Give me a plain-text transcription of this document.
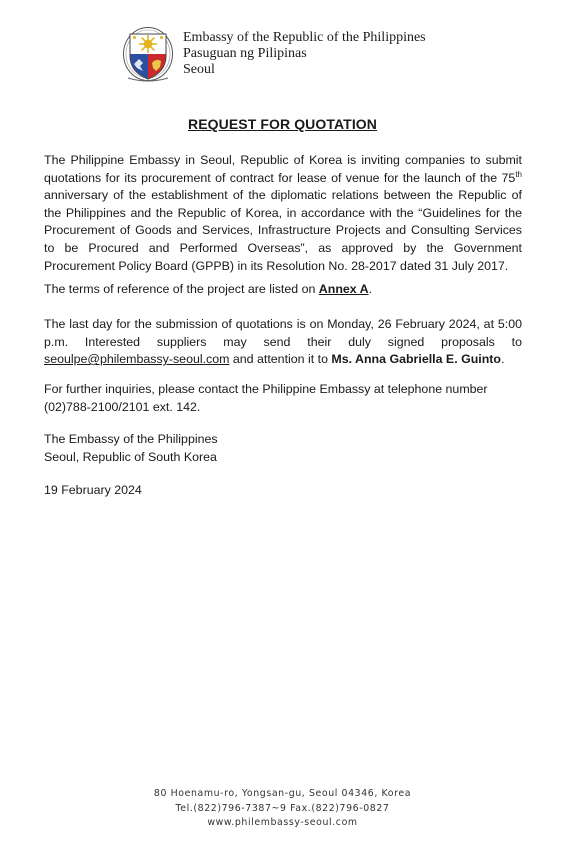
Embassy of the Republic of the Philippines
Pasuguan ng Pilipinas
Seoul
REQUEST FOR QUOTATION

The Philippine Embassy in Seoul, Republic of Korea is inviting companies to submit quotations for its procurement of contract for lease of venue for the launch of the 75th anniversary of the establishment of the diplomatic relations between the Republic of the Philippines and the Republic of Korea, in accordance with the “Guidelines for the Procurement of Goods and Services, Infrastructure Projects and Consulting Services to be Procured and Performed Overseas”, as approved by the Government Procurement Policy Board (GPPB) in its Resolution No. 28-2017 dated 31 July 2017.

The terms of reference of the project are listed on Annex A.

The last day for the submission of quotations is on Monday, 26 February 2024, at 5:00 p.m. Interested suppliers may send their duly signed proposals to seoulpe@philembassy-seoul.com and attention it to Ms. Anna Gabriella E. Guinto.

For further inquiries, please contact the Philippine Embassy at telephone number (02)788-2100/2101 ext. 142.

The Embassy of the Philippines
Seoul, Republic of South Korea
19 February 2024
80 Hoenamu-ro, Yongsan-gu, Seoul 04346, Korea
Tel.(822)796-7387~9 Fax.(822)796-0827
www.philembassy-seoul.com
